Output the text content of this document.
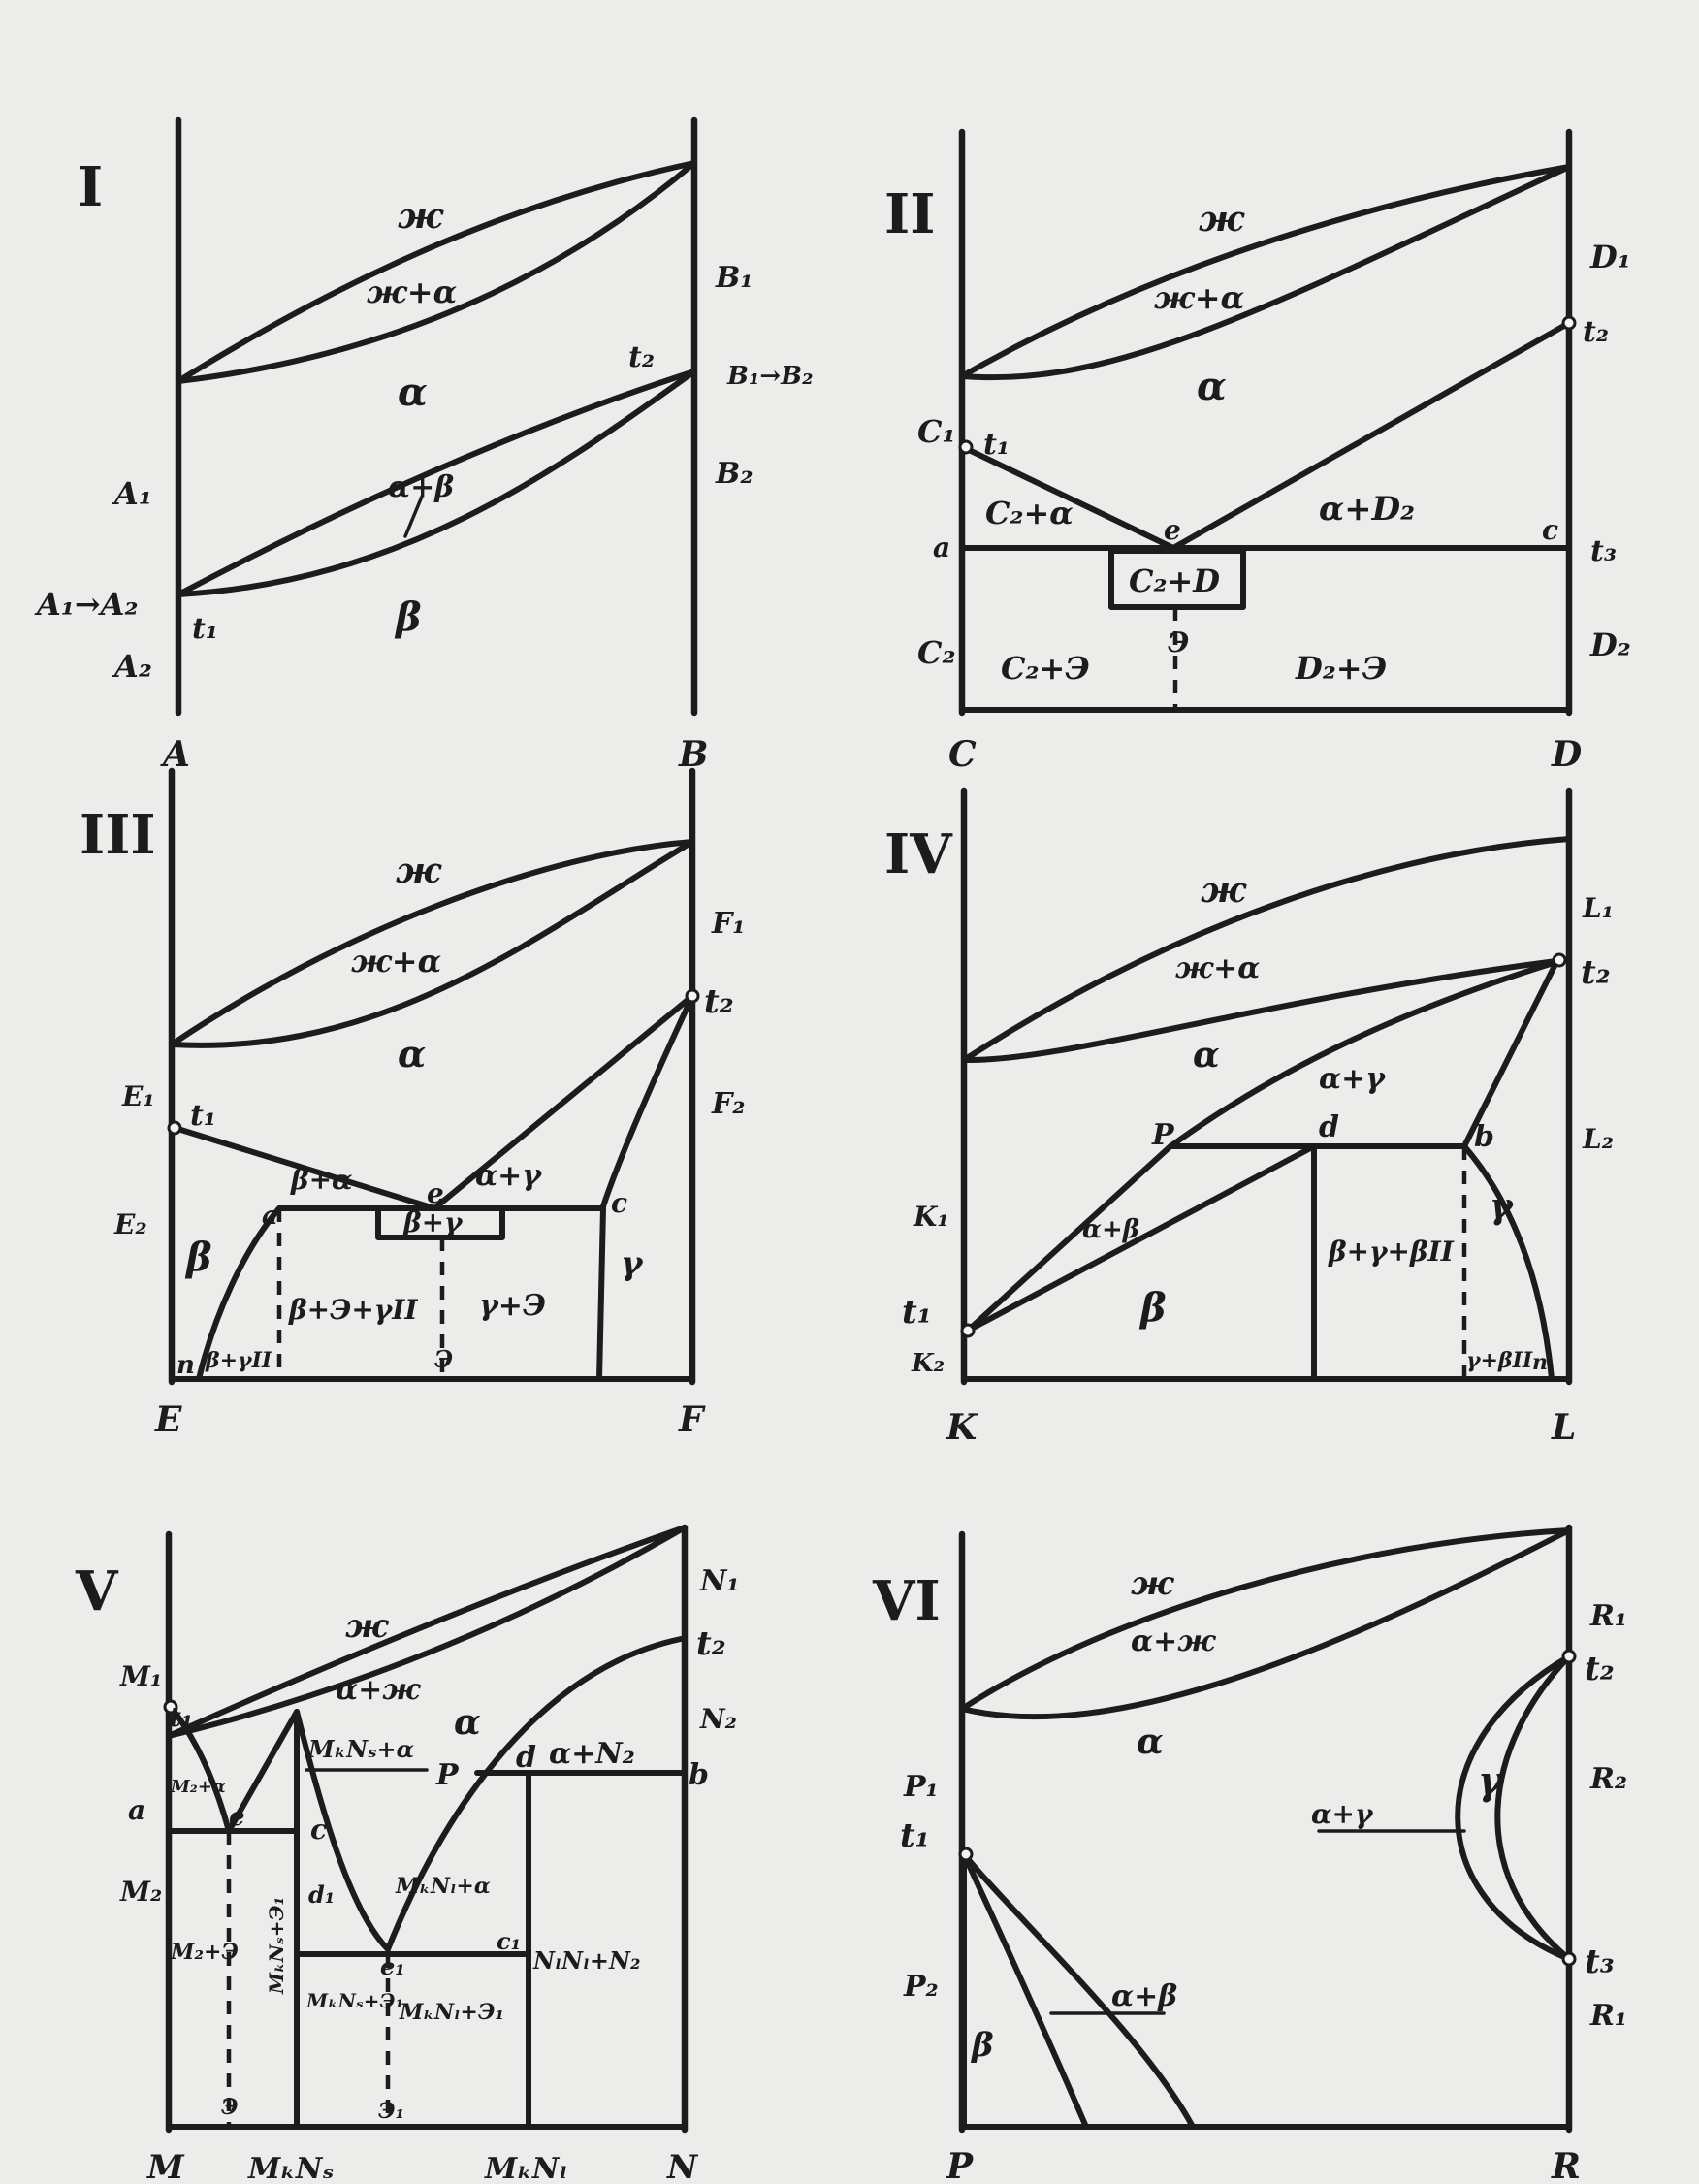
I
A	B
A₁
A₁→A₂
A₂
B₁
B₁→B₂
B₂
t₁
t₂
ж
ж+α
α
α+β
β
II
C	D
C₁
a
C₂
D₁
t₂
t₃
D₂
t₁
e	c
Э
ж
ж+α
α
C₂+α	α+D₂
C₂+D
C₂+Э	D₂+Э
III
E	F
E₁
E₂
F₁
t₂
F₂
t₁
a
e	c
n	Э
ж
ж+α
α
β+α	α+γ
β
β+γ
γ
β+Э+γII γ+Э
β+γII
IV
K	L
K₁
t₁
K₂
L₁
t₂
L₂
P	d	b
n
ж
ж+α
α
α+γ
α+β
β
γ
β+γ+βII
γ+βII
V
M	N
MₖNₛ	MₖNₗ
M₁
t₁
a
M₂
N₁
t₂
N₂
b
e c
d₁
e₁
c₁
P
d
Э	Э₁
ж
α+ж
α
M₂+α
MₖNₛ+α	α+N₂
MₖNₗ+α
M₂+Э MₖNₛ+Э₁
MₖNₛ+Э₁
MₖNₗ+Э₁
NₗNₗ+N₂
VI
P	R
P₁
t₁
P₂
R₁
t₂
R₂
t₃
R₁
ж
α+ж
α
γ
α+γ
α+β
β
